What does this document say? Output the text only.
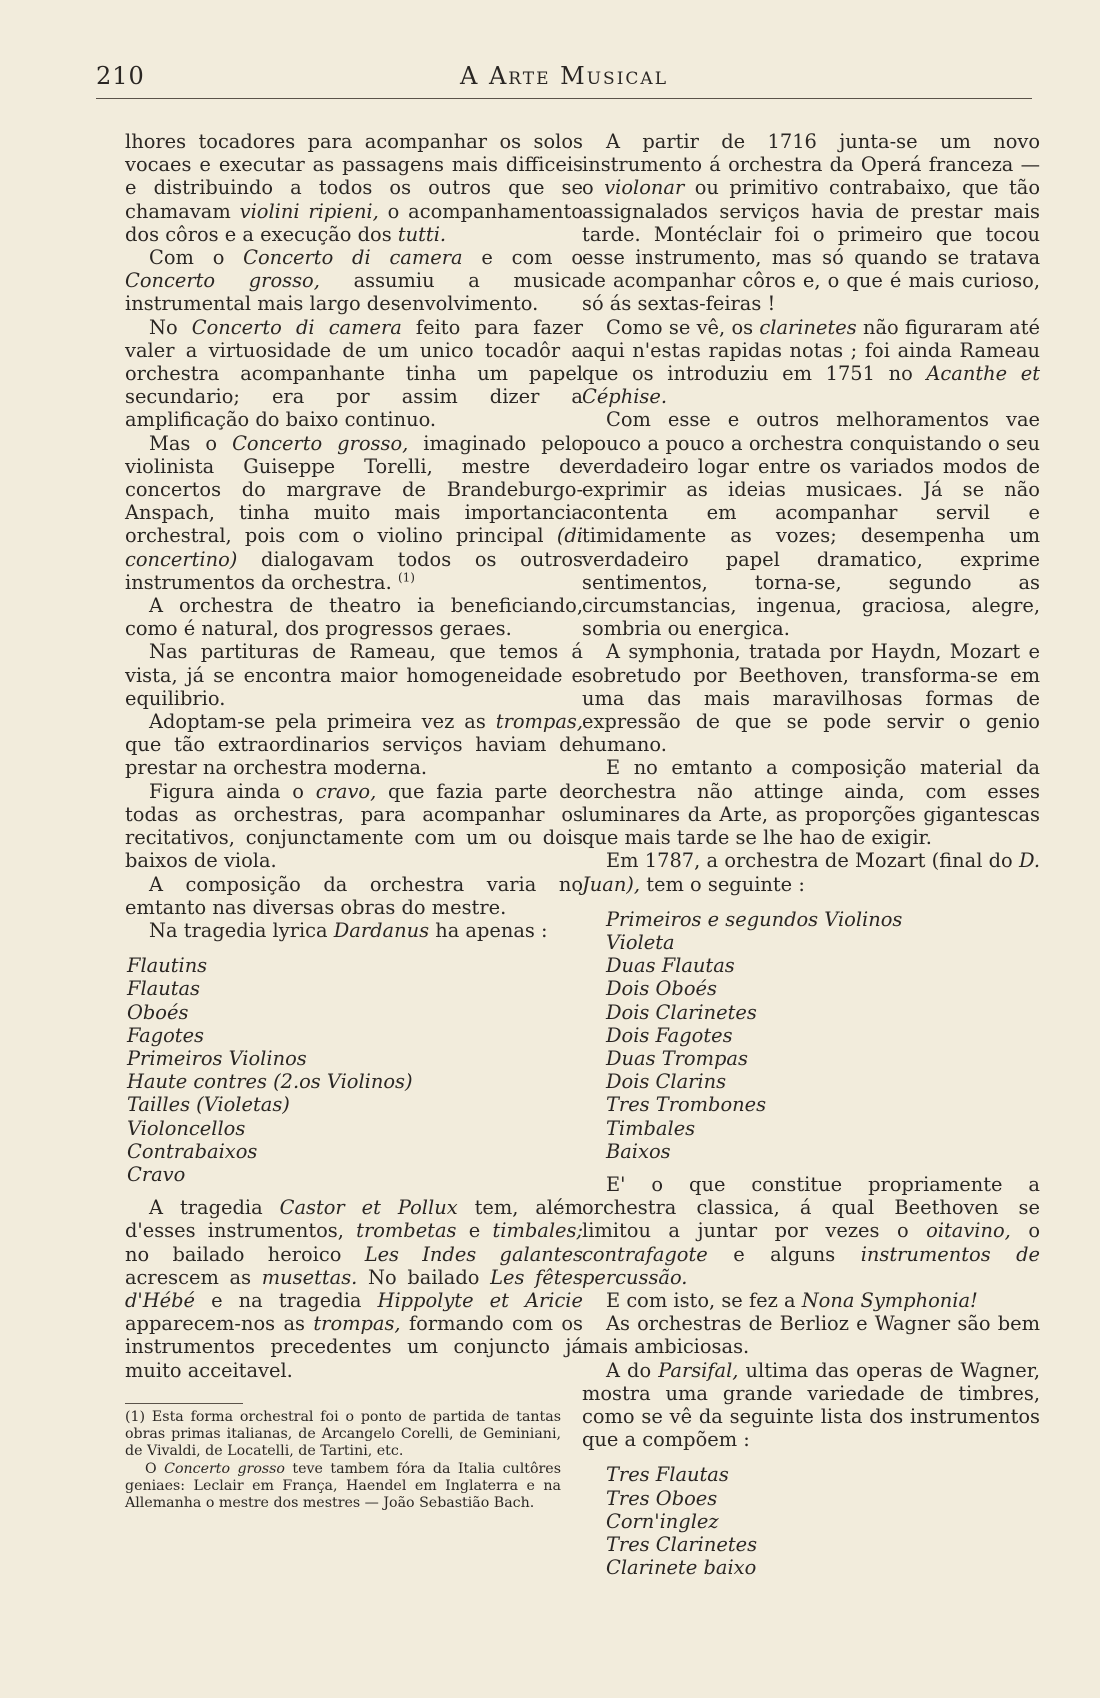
210	A Arte Musical

lhores tocadores para acompanhar os solos vocaes e executar as passagens mais difficeis e distribuindo a todos os outros que se chamavam violini ripieni, o acompanhamento dos côros e a execução dos tutti.

Com o Concerto di camera e com o Concerto grosso, assumiu a musica instrumental mais largo desenvolvimento.

No Concerto di camera feito para fazer valer a virtuosidade de um unico tocadôr a orchestra acompanhante tinha um papel secundario; era por assim dizer a amplificação do baixo continuo.

Mas o Concerto grosso, imaginado pelo violinista Guiseppe Torelli, mestre de concertos do margrave de Brandeburgo-Anspach, tinha muito mais importancia orchestral, pois com o violino principal (di concertino) dialogavam todos os outros instrumentos da orchestra. $^{(1)}$

A orchestra de theatro ia beneficiando, como é natural, dos progressos geraes.

Nas partituras de Rameau, que temos á vista, já se encontra maior homogeneidade e equilibrio.

Adoptam-se pela primeira vez as trompas, que tão extraordinarios serviços haviam de prestar na orchestra moderna.

Figura ainda o cravo, que fazia parte de todas as orchestras, para acompanhar os recitativos, conjunctamente com um ou dois baixos de viola.

A composição da orchestra varia no emtanto nas diversas obras do mestre.

Na tragedia lyrica Dardanus ha apenas :

Flautins
Flautas
Oboés
Fagotes
Primeiros Violinos
Haute contres (2.os Violinos)
Tailles (Violetas)
Violoncellos
Contrabaixos
Cravo

A tragedia Castor et Pollux tem, além d'esses instrumentos, trombetas e timbales; no bailado heroico Les Indes galantes acrescem as musettas. No bailado Les fêtes d'Hébé e na tragedia Hippolyte et Aricie apparecem-nos as trompas, formando com os instrumentos precedentes um conjuncto já muito acceitavel.

(1) Esta forma orchestral foi o ponto de partida de tantas obras primas italianas, de Arcangelo Corelli, de Geminiani, de Vivaldi, de Locatelli, de Tartini, etc.

O Concerto grosso teve tambem fóra da Italia cultôres geniaes: Leclair em França, Haendel em Inglaterra e na Allemanha o mestre dos mestres — João Sebastião Bach.

A partir de 1716 junta-se um novo instrumento á orchestra da Operá franceza — o violonar ou primitivo contrabaixo, que tão assignalados serviços havia de prestar mais tarde. Montéclair foi o primeiro que tocou esse instrumento, mas só quando se tratava de acompanhar côros e, o que é mais curioso, só ás sextas-feiras !

Como se vê, os clarinetes não figuraram até aqui n'estas rapidas notas ; foi ainda Rameau que os introduziu em 1751 no Acanthe et Céphise.

Com esse e outros melhoramentos vae pouco a pouco a orchestra conquistando o seu verdadeiro logar entre os variados modos de exprimir as ideias musicaes. Já se não contenta em acompanhar servil e timidamente as vozes; desempenha um verdadeiro papel dramatico, exprime sentimentos, torna-se, segundo as circumstancias, ingenua, graciosa, alegre, sombria ou energica.

A symphonia, tratada por Haydn, Mozart e sobretudo por Beethoven, transforma-se em uma das mais maravilhosas formas de expressão de que se pode servir o genio humano.

E no emtanto a composição material da orchestra não attinge ainda, com esses luminares da Arte, as proporções gigantescas que mais tarde se lhe hao de exigir.

Em 1787, a orchestra de Mozart (final do D. Juan), tem o seguinte :

Primeiros e segundos Violinos
Violeta
Duas Flautas
Dois Oboés
Dois Clarinetes
Dois Fagotes
Duas Trompas
Dois Clarins
Tres Trombones
Timbales
Baixos

E' o que constitue propriamente a orchestra classica, á qual Beethoven se limitou a juntar por vezes o oitavino, o contrafagote e alguns instrumentos de percussão.

E com isto, se fez a Nona Symphonia!

As orchestras de Berlioz e Wagner são bem mais ambiciosas.

A do Parsifal, ultima das operas de Wagner, mostra uma grande variedade de timbres, como se vê da seguinte lista dos instrumentos que a compõem :

Tres Flautas
Tres Oboes
Corn'inglez
Tres Clarinetes
Clarinete baixo
